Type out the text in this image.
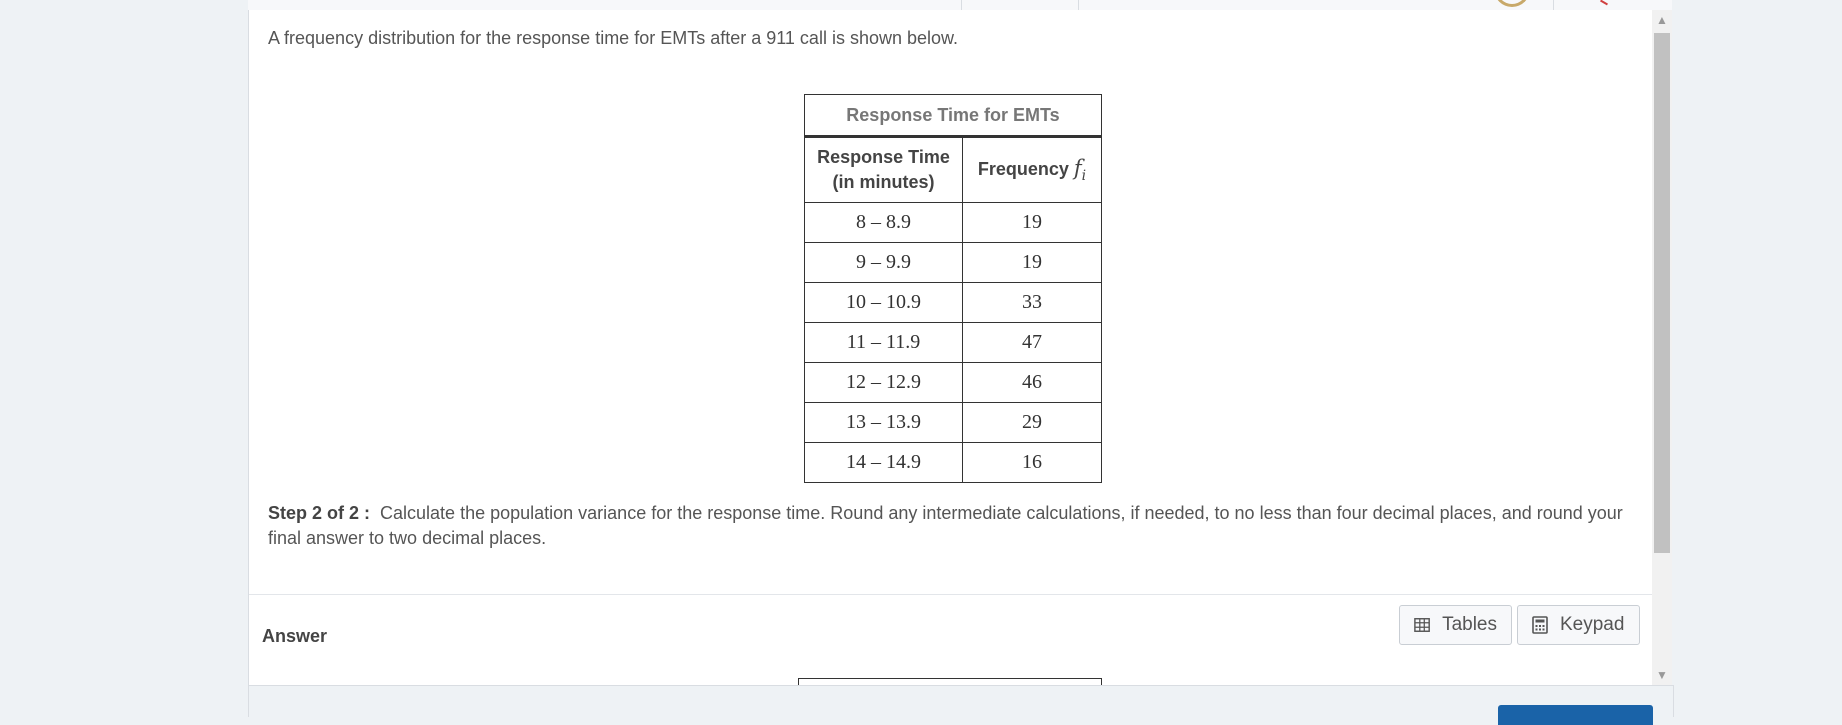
A frequency distribution for the response time for EMTs after a 911 call is shown below.
Response Time for EMTs	
Response Time
(in minutes)	Frequency $f_i$
8 – 8.9	19
9 – 9.9	19
10 – 10.9	33
11 – 11.9	47
12 – 12.9	46
13 – 13.9	29
14 – 14.9	16
Step 2 of 2 : Calculate the population variance for the response time. Round any intermediate calculations, if needed, to no less than four decimal places, and round your final answer to two decimal places.
Answer
Tables	Keypad
▲
▼
